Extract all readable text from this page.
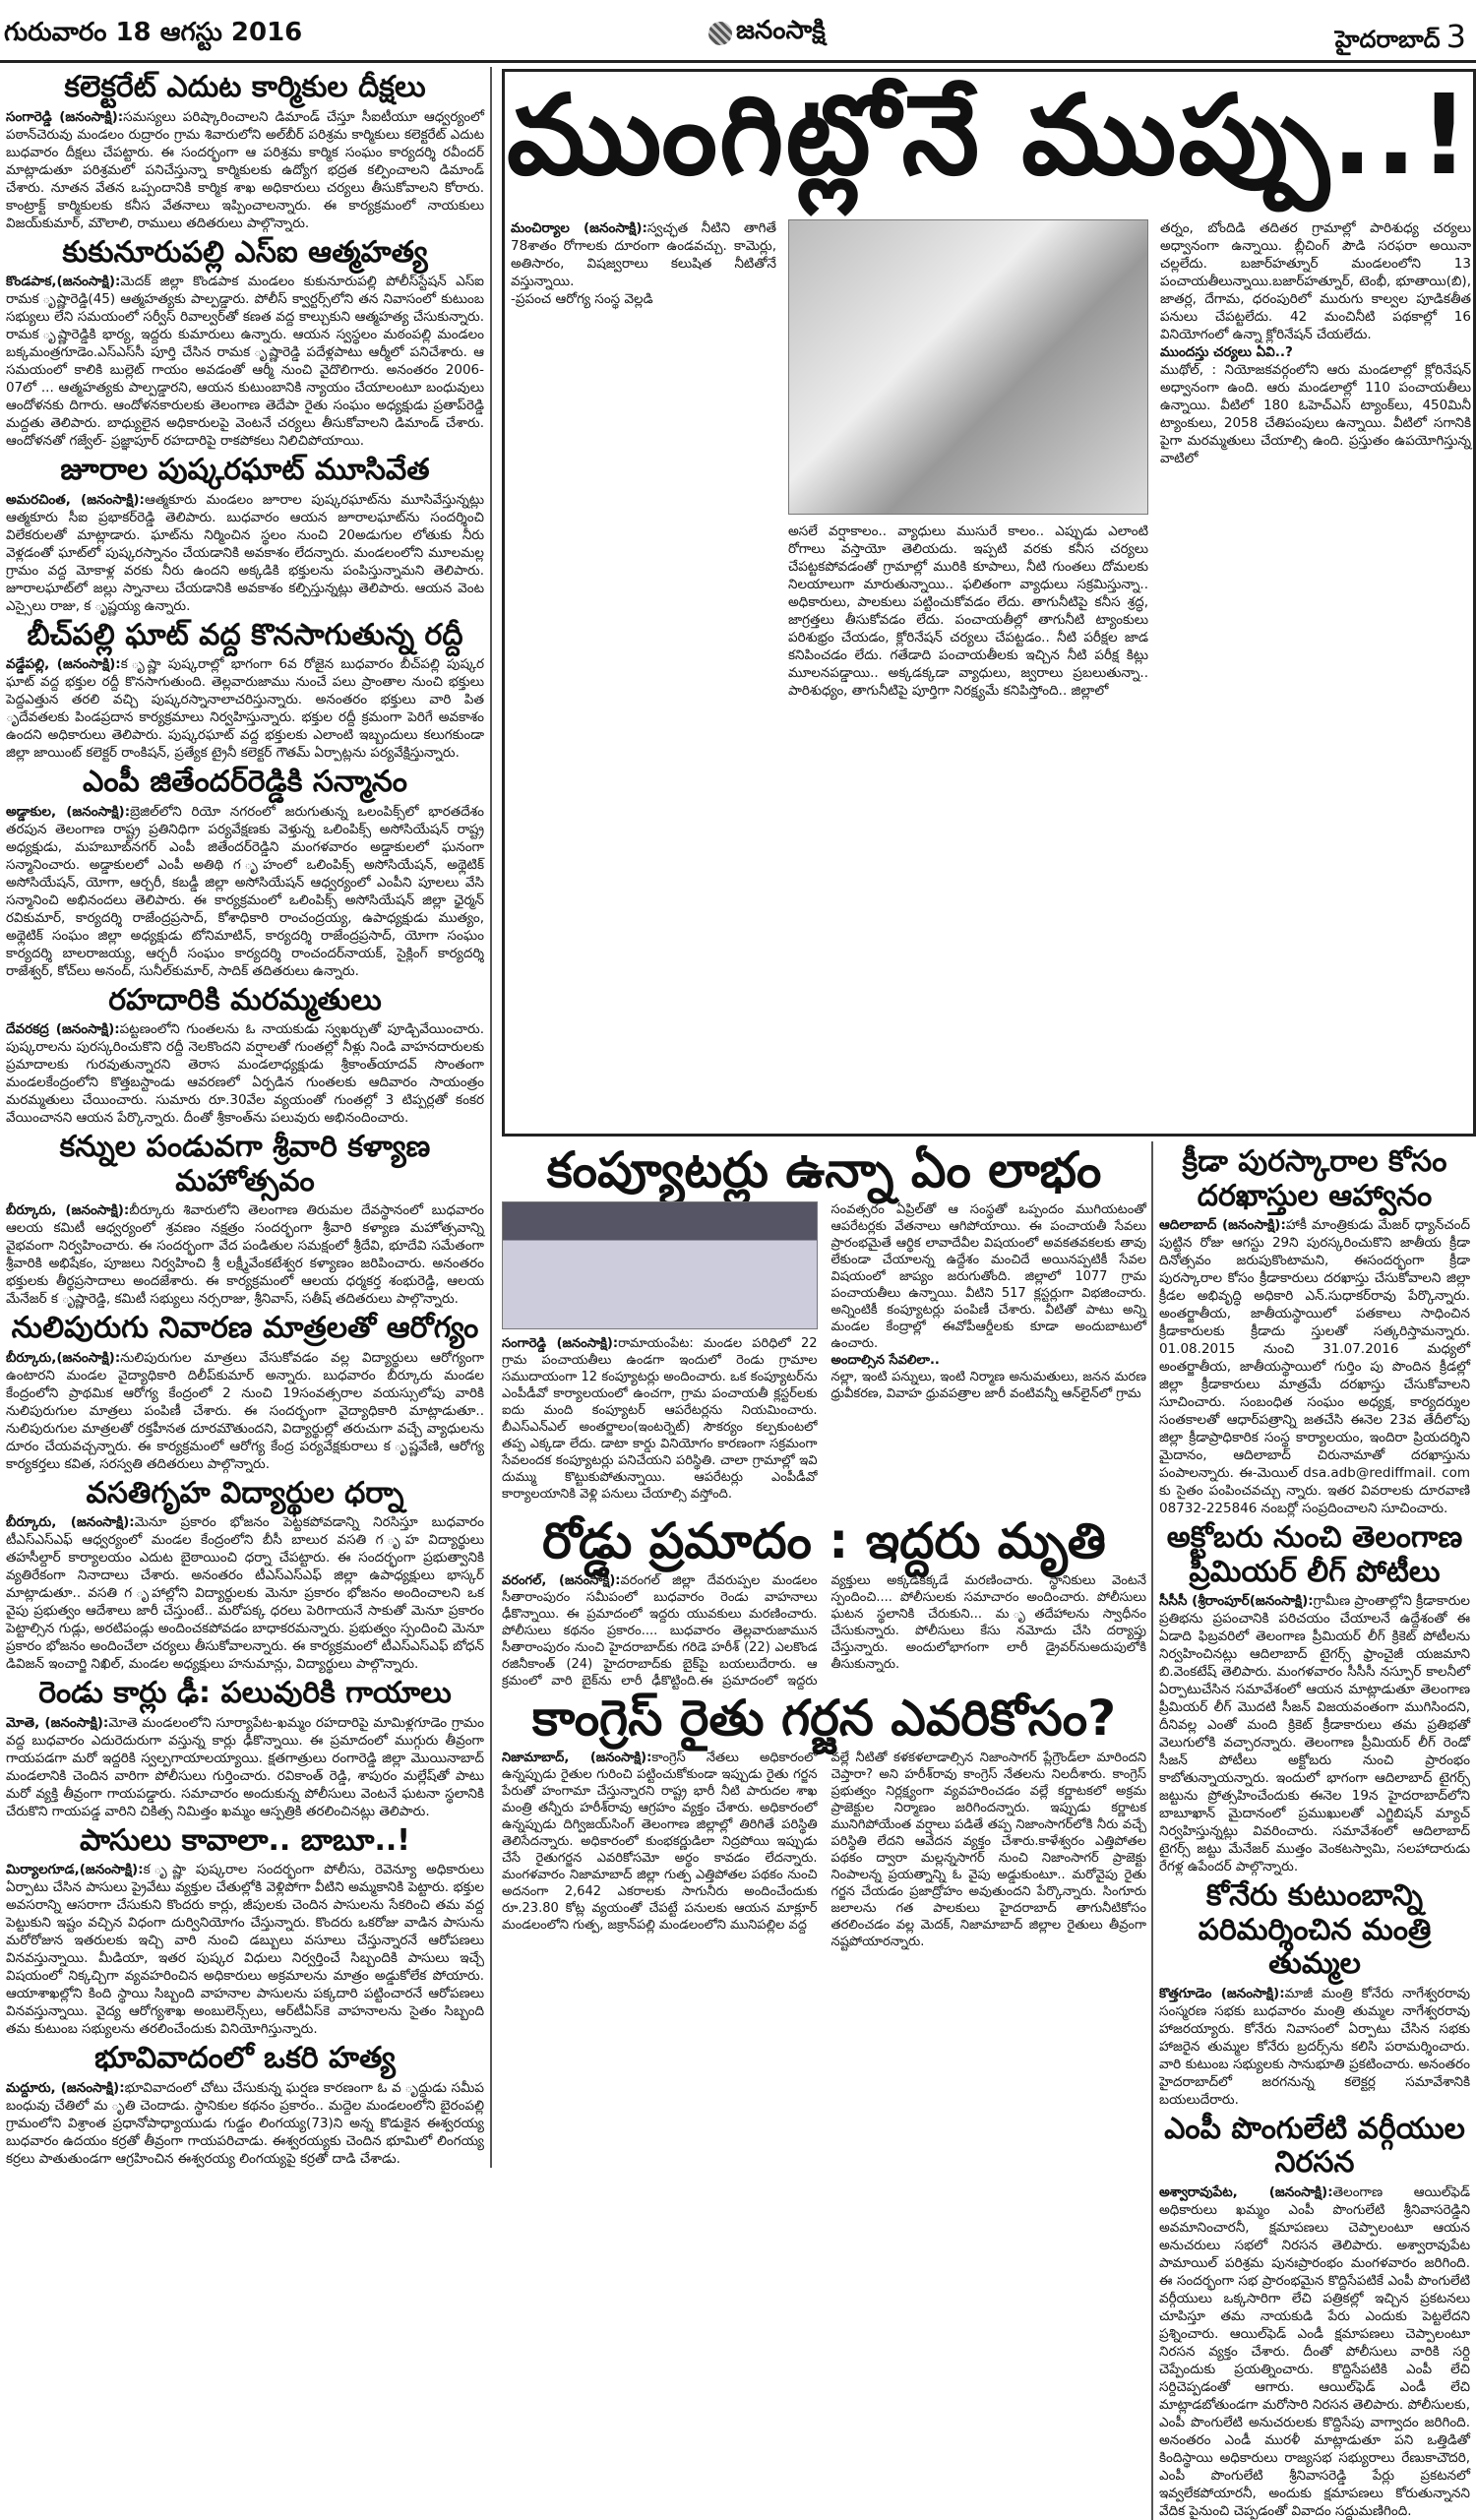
గురువారం 18 ఆగస్టు 2016	జనంసాక్షి	హైదరాబాద్ 3
కలెక్టరేట్ ఎదుట కార్మికుల దీక్షలు

సంగారెడ్డి (జనంసాక్షి):సమస్యలు పరిష్కారించాలని డిమాండ్ చేస్తూ సీఐటీయూ ఆధ్వర్యంలో పఠాన్‌చెరువు మండలం రుద్రారం గ్రామ శివారులోని అల్‌బీర్ పరిశ్రమ కార్మికులు కలెక్టరేట్ ఎదుట బుధవారం దీక్షలు చేపట్టారు. ఈ సందర్భంగా ఆ పరిశ్రమ కార్మిక సంఘం కార్యదర్శి రవీందర్ మాట్లాడుతూ పరిశ్రమలో పనిచేస్తున్నా కార్మికులకు ఉద్యోగ భద్రత కల్పించాలని డిమాండ్ చేశారు. నూతన వేతన ఒప్పందానికి కార్మిక శాఖ అధికారులు చర్యలు తీసుకోవాలని కోరారు. కాంట్రాక్ట్ కార్మికులకు కనీస వేతనాలు ఇప్పించాలన్నారు. ఈ కార్యక్రమంలో నాయకులు విజయ్‌కుమార్, మౌలాలి, రాములు తదితరులు పాల్గొన్నారు.

కుకునూరుపల్లి ఎస్ఐ ఆత్మహత్య

కొండపాక,(జనంసాక్షి):మెదక్ జిల్లా కొండపాక మండలం కుకునూరుపల్లి పోలీస్‌స్టేషన్ ఎస్ఐ రామక ృష్ణారెడ్డి(45) ఆత్మహత్యకు పాల్పడ్డారు. పోలీస్ క్వార్టర్స్‌లోని తన నివాసంలో కుటుంబ సభ్యులు లేని సమయంలో సర్వీస్ రివాల్వర్‌తో కణత వద్ద కాల్చుకుని ఆత్మహత్య చేసుకున్నారు. రామక ృష్ణారెడ్డికి భార్య, ఇద్దరు కుమారులు ఉన్నారు. ఆయన స్వస్థలం మఠంపల్లి మండలం బక్కమంత్రగూడెం.ఎస్ఎస్‌సీ పూర్తి చేసిన రామక ృష్ణారెడ్డి పదేళ్లపాటు ఆర్మీలో పనిచేశారు. ఆ సమయంలో కాలికి బుల్లెట్ గాయం అవడంతో ఆర్మీ నుంచి వైదొలిగారు. అనంతరం 2006-07లో ... ఆత్మహత్యకు పాల్పడ్డారని, ఆయన కుటుంబానికి న్యాయం చేయాలంటూ బంధువులు ఆందోళనకు దిగారు. ఆందోళనకారులకు తెలంగాణ తెదేపా రైతు సంఘం అధ్యక్షుడు ప్రతాప్‌రెడ్డి మద్దతు తెలిపారు. బాధ్యులైన అధికారులపై వెంటనే చర్యలు తీసుకోవాలని డిమాండ్ చేశారు. ఆందోళనతో గజ్వేల్- ప్రజ్ఞాపూర్ రహదారిపై రాకపోకలు నిలిచిపోయాయి.

జూరాల పుష్కరఘాట్ మూసివేత

అమరచింత, (జనంసాక్షి):ఆత్మకూరు మండలం జూరాల పుష్కరఘాట్‌ను మూసివేస్తున్నట్లు ఆత్మకూరు సీఐ ప్రభాకర్‌రెడ్డి తెలిపారు. బుధవారం ఆయన జూరాలఘాట్‌ను సందర్శించి విలేకరులతో మాట్లాడారు. ఘాట్‌ను నిర్మించిన స్థలం నుంచి 20అడుగుల లోతుకు నీరు వెళ్లడంతో ఘాట్‌లో పుష్కరస్నానం చేయడానికి అవకాశం లేదన్నారు. మండలంలోని మూలమల్ల గ్రామం వద్ద మోకాళ్ల వరకు నీరు ఉందని అక్కడికి భక్తులను పంపిస్తున్నామని తెలిపారు. జూరాలఘాట్‌లో జల్లు స్నానాలు చేయడానికి అవకాశం కల్పిస్తున్నట్లు తెలిపారు. ఆయన వెంట ఎస్సైలు రాజు, క ృష్ణయ్య ఉన్నారు.

బీచ్‌పల్లి ఘాట్ వద్ద కొనసాగుతున్న రద్దీ

వడ్డేపల్లి, (జనంసాక్షి):క ృష్ణా పుష్కరాల్లో భాగంగా 6వ రోజైన బుధవారం బీచ్‌పల్లి పుష్కర ఘాట్ వద్ద భక్తుల రద్దీ కొనసాగుతుంది. తెల్లవారుజాము నుంచే పలు ప్రాంతాల నుంచి భక్తులు పెద్దఎత్తున తరలి వచ్చి పుష్కరస్నానాలాచరిస్తున్నారు. అనంతరం భక్తులు వారి పిత ృదేవతలకు పిండప్రదాన కార్యక్రమాలు నిర్వహిస్తున్నారు. భక్తుల రద్దీ క్రమంగా పెరిగే అవకాశం ఉందని అధికారులు తెలిపారు. పుష్కరఘాట్ వద్ద భక్తులకు ఎలాంటి ఇబ్బందులు కలుగకుండా జిల్లా జాయింట్ కలెక్టర్ రాంకిషన్, ప్రత్యేక ట్రైనీ కలెక్టర్ గౌతమ్ ఏర్పాట్లను పర్యవేక్షిస్తున్నారు.

ఎంపీ జితేందర్‌రెడ్డికి సన్మానం

అడ్డాకుల, (జనంసాక్షి):బ్రెజిల్‌లోని రియో నగరంలో జరుగుతున్న ఒలంపిక్స్‌లో భారతదేశం తరపున తెలంగాణ రాష్ట్ర ప్రతినిధిగా పర్యవేక్షణకు వెళ్తున్న ఒలింపిక్స్ అసోసియేషన్ రాష్ట్ర అధ్యక్షుడు, మహబూబ్‌నగర్ ఎంపీ జితేందర్‌రెడ్డిని మంగళవారం అడ్డాకులలో ఘనంగా సన్మానించారు. అడ్డాకులలో ఎంపీ అతిథి గ ృహంలో ఒలింపిక్స్ అసోసియేషన్, అథ్లెటిక్ అసోసియేషన్, యోగా, ఆర్చరీ, కబడ్డీ జిల్లా అసోసియేషన్ ఆధ్వర్యంలో ఎంపీని పూలలు వేసి సన్మానించి అభినందలు తెలిపారు. ఈ కార్యక్రమంలో ఒలింపిక్స్ అసోసియేషన్ జిల్లా ఛైర్మన్ రవికుమార్, కార్యదర్శి రాజేంద్రప్రసాద్, కోశాధికారి రాంచంద్రయ్య, ఉపాధ్యక్షుడు ముత్యం, అథ్లెటిక్ సంఘం జిల్లా అధ్యక్షుడు టోనిమాటిన్, కార్యదర్శి రాజేంద్రప్రసాద్, యోగా సంఘం కార్యదర్శి బాలరాజయ్య, ఆర్చరీ సంఘం కార్యదర్శి రాంచందర్‌నాయక్, సైక్లింగ్ కార్యదర్శి రాజేశ్వర్, కోచ్‌లు అనంద్, సునీల్‌కుమార్, సాదిక్ తదితరులు ఉన్నారు.

రహదారికి మరమ్మతులు

దేవరకద్ర (జనంసాక్షి):పట్టణంలోని గుంతలను ఓ నాయకుడు స్వఖర్చుతో పూడ్చివేయించారు. పుష్కరాలను పురస్కరించుకొని రద్దీ నెలకొందని వర్షాలతో గుంతల్లో నీళ్లు నిండి వాహనదారులకు ప్రమాదాలకు గురవుతున్నారని తెరాస మండలాధ్యక్షుడు శ్రీకాంత్‌యాదవ్ సొంతంగా మండలకేంద్రంలోని కొత్తబస్టాండు ఆవరణలో ఏర్పడిన గుంతలకు ఆదివారం సాయంత్రం మరమ్మతులు చేయించారు. సుమారు రూ.30వేల వ్యయంతో గుంతల్లో 3 టిప్పర్లతో కంకర వేయించానని ఆయన పేర్కొన్నారు. దీంతో శ్రీకాంత్‌ను పలువురు అభినందించారు.

కన్నుల పండువగా శ్రీవారి కళ్యాణ మహోత్సవం

బీర్కూరు, (జనంసాక్షి):బీర్కూరు శివారులోని తెలంగాణ తిరుమల దేవస్థానంలో బుధవారం ఆలయ కమిటీ ఆధ్వర్యంలో శ్రవణం నక్షత్రం సందర్భంగా శ్రీవారి కళ్యాణ మహోత్సవాన్ని వైభవంగా నిర్వహించారు. ఈ సందర్భంగా వేద పండితుల సమక్షంలో శ్రీదేవి, భూదేవి సమేతంగా శ్రీవారికి అభిషేకం, పూజలు నిర్వహించి శ్రీ లక్ష్మీవేంకటేశ్వర కళ్యాణం జరిపించారు. అనంతరం భక్తులకు తీర్థప్రసాదాలు అందజేశారు. ఈ కార్యక్రమంలో ఆలయ ధర్మకర్త శంభురెడ్డి, ఆలయ మేనేజర్ క ృష్ణారెడ్డి, కమిటీ సభ్యులు నర్సరాజు, శ్రీనివాస్, సతీష్ తదితరులు పాల్గొన్నారు.

నులిపురుగు నివారణ మాత్రలతో ఆరోగ్యం

బీర్కూరు,(జనంసాక్షి):నులిపురుగుల మాత్రలు వేసుకోవడం వల్ల విద్యార్థులు ఆరోగ్యంగా ఉంటారని మండల వైద్యాధికారి దిలీప్‌కుమార్ అన్నారు. బుధవారం బీర్కూరు మండల కేంద్రంలోని ప్రాథమిక ఆరోగ్య కేంద్రంలో 2 నుంచి 19సంవత్సరాల వయస్సులోపు వారికి నులిపురుగుల మాత్రలు పంపిణీ చేశారు. ఈ సందర్భంగా వైద్యాధికారి మాట్లాడుతూ.. నులిపురుగుల మాత్రలతో రక్తహీనత దూరమౌతుందని, విద్యార్థుల్లో తరుచుగా వచ్చే వ్యాధులను దూరం చేయవచ్చన్నారు. ఈ కార్యక్రమంలో ఆరోగ్య కేంద్ర పర్యవేక్షకురాలు క ృష్ణవేణి, ఆరోగ్య కార్యకర్తలు కవిత, సరస్వతి తదితరులు పాల్గొన్నారు.

వసతిగృహ విద్యార్థుల ధర్నా

బీర్కూరు, (జనంసాక్షి):మెనూ ప్రకారం భోజనం పెట్టకపోవడాన్ని నిరసిస్తూ బుధవారం టీఎస్ఎస్ఎఫ్ ఆధ్వర్యంలో మండల కేంద్రంలోని బీసీ బాలుర వసతి గ ృహ విద్యార్థులు తహసీల్దార్ కార్యాలయం ఎదుట బైఠాయించి ధర్నా చేపట్టారు. ఈ సందర్భంగా ప్రభుత్వానికి వ్యతిరేకంగా నినాదాలు చేశారు. అనంతరం టీఎస్ఎస్ఎఫ్ జిల్లా ఉపాధ్యక్షులు భాస్కర్ మాట్లాడుతూ.. వసతి గ ృహాల్లోని విద్యార్థులకు మెనూ ప్రకారం భోజనం అందించాలని ఒక వైపు ప్రభుత్వం ఆదేశాలు జారీ చేస్తుంటే.. మరోపక్క ధరలు పెరిగాయనే సాకుతో మెనూ ప్రకారం పెట్టాల్సిన గుడ్లు, అరటిపండ్లు అందించకపోవడం బాధాకరమన్నారు. ప్రభుత్వం స్పందించి మెనూ ప్రకారం భోజనం అందించేలా చర్యలు తీసుకోవాలన్నారు. ఈ కార్యక్రమంలో టీఎస్ఎస్ఎఫ్ బోధన్ డివిజన్ ఇంచార్జి నిఖిల్, మండల అధ్యక్షులు హనుమాన్లు, విద్యార్థులు పాల్గొన్నారు.

రెండు కార్లు ఢీ: పలువురికి గాయాలు

మోతె, (జనంసాక్షి):మోతె మండలంలోని సూర్యాపేట-ఖమ్మం రహదారిపై మామిళ్లగూడెం గ్రామం వద్ద బుధవారం ఎదురెదురుగా వస్తున్న కార్లు ఢీకొన్నాయి. ఈ ప్రమాదంలో ముగ్గురు తీవ్రంగా గాయపడగా మరో ఇద్దరికి స్వల్పగాయాలయ్యాయి. క్షతగాత్రులు రంగారెడ్డి జిల్లా మొయినాబాద్ మండలానికి చెందిన వారిగా పోలీసులు గుర్తించారు. రవికాంత్ రెడ్డి, శాపురం మల్లేష్‌తో పాటు మరో వ్యక్తి తీవ్రంగా గాయపడ్డారు. సమాచారం అందుకున్న పోలీసులు వెంటనే ఘటనా స్థలానికి చేరుకొని గాయపడ్డ వారిని చికిత్స నిమిత్తం ఖమ్మం ఆస్పత్రికి తరలించినట్లు తెలిపారు.

పాసులు కావాలా.. బాబూ..!

మిర్యాలగూడ,(జనంసాక్షి):క ృష్ణా పుష్కరాల సందర్భంగా పోలీసు, రెవెన్యూ అధికారులు ఏర్పాటు చేసిన పాసులు ప్రైవేటు వ్యక్తుల చేతుల్లోకి వెళ్లిపోగా వీటిని అమ్మకానికి పెట్టారు. భక్తుల అవసరాన్ని ఆసరాగా చేసుకుని కొందరు కార్లు, జీపులకు చెందిన పాసులను సేకరించి తమ వద్ద పెట్టుకుని ఇష్టం వచ్చిన విధంగా దుర్వినియోగం చేస్తున్నారు. కొందరు ఒకరోజు వాడిన పాసును మరోరోజున ఇతరులకు ఇచ్చి వారి నుంచి డబ్బులు వసూలు చేస్తున్నారనే ఆరోపణలు వినవస్తున్నాయి. మీడియా, ఇతర పుష్కర విధులు నిర్వర్తించే సిబ్బందికి పాసులు ఇచ్చే విషయంలో నిక్కచ్చిగా వ్యవహరించిన అధికారులు అక్రమాలను మాత్రం అడ్డుకోలేక పోయారు. ఆయాశాఖల్లోని కింది స్థాయి సిబ్బంది వాహనాల పాసులను పక్కదారి పట్టించారనే ఆరోపణలు వినవస్తున్నాయి. వైద్య ఆరోగ్యశాఖ అంబులెన్స్‌లు, ఆర్‌టీఏస్‌కె వాహనాలను సైతం సిబ్బంది తమ కుటుంబ సభ్యులను తరలించేందుకు వినియోగిస్తున్నారు.

భూవివాదంలో ఒకరి హత్య

మద్దూరు, (జనంసాక్షి):భూవివాదంలో చోటు చేసుకున్న ఘర్షణ కారణంగా ఓ వ ృద్ధుడు సమీప బంధువు చేతిలో మ ృతి చెందాడు. స్థానికుల కథనం ప్రకారం.. మద్దెల మండలంలోని బైరంపల్లి గ్రామంలోని విశ్రాంత ప్రధానోపాధ్యాయుడు గుడ్డం లింగయ్య(73)ని అన్న కొడుకైన ఈశ్వరయ్య బుధవారం ఉదయం కర్రతో తీవ్రంగా గాయపరిచాడు. ఈశ్వరయ్యకు చెందిన భూమిలో లింగయ్య కర్రలు పాతుతుండగా ఆగ్రహించిన ఈశ్వరయ్య లింగయ్యపై కర్రతో దాడి చేశాడు.

ముంగిట్లోనే ముప్పు..!

మంచిర్యాల (జనంసాక్షి):స్వచ్ఛత నీటిని తాగితే 78శాతం రోగాలకు దూరంగా ఉండవచ్చు. కామెర్లు, అతిసారం, విషజ్వరాలు కలుషిత నీటితోనే వస్తున్నాయి.

-ప్రపంచ ఆరోగ్య సంస్థ వెల్లడి

అసలే వర్షాకాలం.. వ్యాధులు ముసురే కాలం.. ఎప్పుడు ఎలాంటి రోగాలు వస్తాయో తెలియదు. ఇప్పటి వరకు కనీస చర్యలు చేపట్టకపోవడంతో గ్రామాల్లో మురికి కూపాలు, నీటి గుంతలు దోమలకు నిలయాలుగా మారుతున్నాయి.. ఫలితంగా వ్యాధులు సక్రమిస్తున్నా.. అధికారులు, పాలకులు పట్టించుకోవడం లేదు. తాగునీటిపై కనీస శ్రద్ధ, జాగ్రత్తలు తీసుకోవడం లేదు. పంచాయతీల్లో తాగునీటి ట్యాంకులు పరిశుభ్రం చేయడం, క్లోరినేషన్ చర్యలు చేపట్టడం.. నీటి పరీక్షల జాడ కనిపించడం లేదు. గతేడాది పంచాయతీలకు ఇచ్చిన నీటి పరీక్ష కిట్లు మూలనపడ్డాయి.. అక్కడక్కడా వ్యాధులు, జ్వరాలు ప్రబలుతున్నా.. పారిశుధ్యం, తాగునీటిపై పూర్తిగా నిరక్ష్యమే కనిపిస్తోంది.. జిల్లాలో

తర్నం, బోందిడి తదితర గ్రామాల్లో పారిశుధ్య చర్యలు అధ్వానంగా ఉన్నాయి. బ్లీచింగ్ పౌడి సరఫరా అయినా చల్లలేదు. బజార్‌హత్నూర్ మండలంలోని 13 పంచాయతీలున్నాయి.బజార్‌హత్నూర్, టెంభీ, భూతాయి(బి), జాతర్ల, దేగామ, ధరంపురిలో మురుగు కాల్వల పూడికతీత పనులు చేపట్టలేదు. 42 మంచినీటి పథకాల్లో 16 వినియోగంలో ఉన్నా క్లోరినేషన్ చేయలేదు.

ముందస్తు చర్యలు ఏవి..?

ముథోల్, : నియోజకవర్గంలోని ఆరు మండలాల్లో క్లోరినేషన్ అధ్వానంగా ఉంది. ఆరు మండలాల్లో 110 పంచాయతీలు ఉన్నాయి. వీటిలో 180 ఓహెచ్ఎస్ ట్యాంక్‌లు, 450మినీ ట్యాంకులు, 2058 చేతిపంపులు ఉన్నాయి. వీటిలో సగానికి పైగా మరమ్మతులు చేయాల్సి ఉంది. ప్రస్తుతం ఉపయోగిస్తున్న వాటిలో

కంప్యూటర్లు ఉన్నా ఏం లాభం

సంగారెడ్డి (జనంసాక్షి):రామాయంపేట: మండల పరిధిలో 22 గ్రామ పంచాయతీలు ఉండగా ఇందులో రెండు గ్రామాల సముదాయంగా 12 కంప్యూటర్లు అందించారు. ఒక కంప్యూటర్‌ను ఎంపీడీవో కార్యాలయంలో ఉంచగా, గ్రామ పంచాయతీ క్లస్టర్‌లకు ఐదు మంది కంప్యూటర్ ఆపరేటర్లను నియమించారు. బీఎస్ఎన్ఎల్ అంతర్జాలం(ఇంటర్నెట్) సౌకర్యం కల్పకుంటలో తప్ప ఎక్కడా లేదు. డాటా కార్డు వినియోగం కారణంగా సక్రమంగా సేవలందక కంప్యూటర్లు పనిచేయని పరిస్థితి. చాలా గ్రామాల్లో ఇవి దుమ్ము కొట్టుకుపోతున్నాయి. ఆపరేటర్లు ఎంపీడీవో కార్యాలయానికి వెళ్లి పనులు చేయాల్సి వస్తోంది.

సంవత్సరం ఏప్రిల్‌తో ఆ సంస్థతో ఒప్పందం ముగియటంతో ఆపరేటర్లకు వేతనాలు ఆగిపోయాయి. ఈ పంచాయతీ సేవలు ప్రారంభమైతే ఆర్థిక లావాదేవీల విషయంలో అవకతవకలకు తావు లేకుండా చేయాలన్న ఉద్దేశం మంచిదే అయినప్పటికీ సేవల విషయంలో జాప్యం జరుగుతోంది. జిల్లాలో 1077 గ్రామ పంచాయతీలు ఉన్నాయి. వీటిని 517 క్లస్టర్లుగా విభజించారు. అన్నింటికీ కంప్యూటర్లు పంపిణీ చేశారు. వీటితో పాటు అన్ని మండల కేంద్రాల్లో ఈవోపీఆర్డీలకు కూడా అందుబాటులో ఉంచారు.

అందాల్సిన సేవలిలా..

నల్లా, ఇంటి పన్నులు, ఇంటి నిర్మాణ అనుమతులు, జనన మరణ ధ్రువీకరణ, వివాహ ధ్రువపత్రాల జారీ వంటివన్నీ ఆన్‌లైన్‌లో గ్రామ

రోడ్డు ప్రమాదం : ఇద్దరు మృతి

వరంగల్, (జనంసాక్షి):వరంగల్ జిల్లా దేవరుప్పల మండలం సీతారాంపురం సమీపంలో బుధవారం రెండు వాహనాలు ఢీకొన్నాయి. ఈ ప్రమాదంలో ఇద్దరు యువకులు మరణించారు. పోలీసులు కథనం ప్రకారం.... బుధవారం తెల్లవారుజామున సీతారాంపురం నుంచి హైదరాబాద్‌కు గరిడె హరీశ్ (22) ఎలకొండ రజినీకాంత్ (24) హైదరాబాద్‌కు బైక్‌పై బయలుదేరారు. ఆ క్రమంలో వారి బైక్‌ను లారీ ఢీకొట్టింది.ఈ ప్రమాదంలో ఇద్దరు వ్యక్తులు అక్కడికక్కడే మరణించారు. స్థానికులు వెంటనే స్పందించి.... పోలీసులకు సమాచారం అందించారు. పోలీసులు ఘటన స్థలానికి చేరుకుని... మ ృతదేహాలను స్వాధీనం చేసుకున్నారు. పోలీసులు కేసు నమోదు చేసి దర్యాప్తు చేస్తున్నారు. అందులోభాగంగా లారీ డ్రైవర్‌నుఅదుపులోకి తీసుకున్నారు.

కాంగ్రెస్ రైతు గర్జన ఎవరికోసం?

నిజామాబాద్, (జనంసాక్షి):కాంగ్రెస్ నేతలు అధికారంలో ఉన్నప్పుడు రైతుల గురించి పట్టించుకోకుండా ఇప్పుడు రైతు గర్జన పేరుతో హంగామా చేస్తున్నారని రాష్ట్ర భారీ నీటి పారుదల శాఖ మంత్రి తన్నీరు హరీశ్‌రావు ఆగ్రహం వ్యక్తం చేశారు. అధికారంలో ఉన్నప్పుడు దిగ్విజయ్‌సింగ్ తెలంగాణ జిల్లాల్లో తిరిగితే పరిస్థితి తెలిసేదన్నారు. అధికారంలో కుంభకర్ణుడిలా నిద్రపోయి ఇప్పుడు చేసే రైతుగర్జన ఎవరికోసమో అర్థం కావడం లేదన్నారు. మంగళవారం నిజామాబాద్ జిల్లా గుత్ప ఎత్తిపోతల పథకం నుంచి అదనంగా 2,642 ఎకరాలకు సాగునీరు అందించేందుకు రూ.23.80 కోట్ల వ్యయంతో చేపట్టే పనులకు ఆయన మాక్లూర్ మండలంలోని గుత్ప, జక్రాన్‌పల్లి మండలంలోని మునిపల్లిల వద్ద

వల్లే నీటితో కళకళలాడాల్సిన నిజాంసాగర్ ప్లేగ్రౌండ్‌లా మారిందని చెప్తారా? అని హరీశ్‌రావు కాంగ్రెస్ నేతలను నిలదీశారు. కాంగ్రెస్ ప్రభుత్వం నిర్లక్ష్యంగా వ్యవహరించడం వల్లే కర్ణాటకలో అక్రమ ప్రాజెక్టుల నిర్మాణం జరిగిందన్నారు. ఇప్పుడు కర్ణాటక మునిగిపోయేంత వర్షాలు పడితే తప్ప నిజాంసాగర్‌లోకి నీరు వచ్చే పరిస్థితి లేదని ఆవేదన వ్యక్తం చేశారు.కాళేశ్వరం ఎత్తిపోతల పథకం ద్వారా మల్లన్నసాగర్ నుంచి నిజాంసాగర్ ప్రాజెక్టు నింపాలన్న ప్రయత్నాన్ని ఓ వైపు అడ్డుకుంటూ.. మరోవైపు రైతు గర్జన చేయడం ప్రజాద్రోహం అవుతుందని పేర్కొన్నారు. సింగూరు జలాలను గత పాలకులు హైదరాబాద్ తాగునీటికోసం తరలించడం వల్ల మెదక్, నిజామాబాద్ జిల్లాల రైతులు తీవ్రంగా నష్టపోయారన్నారు.

క్రీడా పురస్కారాల కోసం దరఖాస్తుల ఆహ్వానం

ఆదిలాబాద్ (జనంసాక్షి):హాకీ మాంత్రికుడు మేజర్ ధ్యాన్‌చంద్ పుట్టిన రోజు ఆగస్టు 29ని పురస్కరించుకొని జాతీయ క్రీడా దినోత్సవం జరుపుకొంటామని, ఈసందర్భంగా క్రీడా పురస్కారాల కోసం క్రీడాకారులు దరఖాస్తు చేసుకోవాలని జిల్లా క్రీడల అభివృద్ధి అధికారి ఎన్.సుధాకర్‌రావు పేర్కొన్నారు. అంతర్జాతీయ, జాతీయస్థాయిలో పతకాలు సాధించిన క్రీడాకారులకు క్రీడాదు స్తులతో సత్కరిస్తామన్నారు. 01.08.2015 నుంచి 31.07.2016 మధ్యలో అంతర్జాతీయ, జాతీయస్థాయిలో గుర్తిం పు పొందిన క్రీడల్లో జిల్లా క్రీడాకారులు మాత్రమే దరఖాస్తు చేసుకోవాలని సూచించారు. సంబంధిత సంఘం అధ్యక్ష, కార్యదర్శుల సంతకాలతో ఆధార్‌పత్రాన్ని జతచేసి ఈనెల 23వ తేదీలోపు జిల్లా క్రీడాప్రాధికారిక సంస్థ కార్యాలయం, ఇందిరా ప్రియదర్శిని మైదానం, ఆదిలాబాద్ చిరునామాతో దరఖాస్తును పంపాలన్నారు. ఈ-మెయిల్ dsa.adb@rediffmail. com కు సైతం పంపించవచ్చు న్నారు. ఇతర వివరాలకు దూరవాణి 08732-225846 నంబర్లో సంప్రదించాలని సూచించారు.

అక్టోబరు నుంచి తెలంగాణ ప్రీమియర్ లీగ్ పోటీలు

సీసీసీ (శ్రీరాంపూర్(జనంసాక్షి):గ్రామీణ ప్రాంతాల్లోని క్రీడాకారుల ప్రతిభను ప్రపంచానికి పరిచయం చేయాలనే ఉద్దేశంతో ఈ ఏడాది ఫిబ్రవరిలో తెలంగాణ ప్రీమియర్ లీగ్ క్రికెట్ పోటీలను నిర్వహించినట్లు ఆదిలాబాద్ టైగర్స్ ఫ్రాంచైజీ యజమాని బి.వెంకటేష్ తెలిపారు. మంగళవారం సీసీసీ నస్పూర్ కాలనీలో ఏర్పాటుచేసిన సమావేశంలో ఆయన మాట్లాడుతూ తెలంగాణ ప్రీమియర్ లీగ్ మొదటి సీజన్ విజయవంతంగా ముగిసిందని, దీనివల్ల ఎంతో మంది క్రికెట్ క్రీడాకారులు తమ ప్రతిభతో వెలుగులోకి వచ్చారన్నారు. తెలంగాణ ప్రీమియర్ లీగ్ రెండో సీజన్ పోటీలు అక్టోబరు నుంచి ప్రారంభం కాబోతున్నాయన్నారు. ఇందులో భాగంగా ఆదిలాబాద్ టైగర్స్ జట్టును ప్రోత్సహించేందుకు ఈనెల 19న హైదరాబాద్‌లోని బాబూఖాన్ మైదానంలో ప్రముఖులతో ఎగ్జిబిషన్ మ్యాచ్ నిర్వహిస్తున్నట్లు వివరించారు. సమావేశంలో ఆదిలాబాద్ టైగర్స్ జట్టు మేనేజర్ ముత్తం వెంకటస్వామి, సలహాదారుడు రేగళ్ల ఉపేందర్ పాల్గొన్నారు.

కోనేరు కుటుంబాన్ని పరిమర్శించిన మంత్రి తుమ్మల

కొత్తగూడెం (జనంసాక్షి):మాజీ మంత్రి కోనేరు నాగేశ్వరరావు సంస్మరణ సభకు బుధవారం మంత్రి తుమ్మల నాగేశ్వరరావు హాజరయ్యారు. కోనేరు నివాసంలో ఏర్పాటు చేసిన సభకు హాజరైన తుమ్మల కోనేరు బ్రదర్స్‌ను కలిసి పరామర్శించారు. వారి కుటుంబ సభ్యులకు సానుభూతి ప్రకటించారు. అనంతరం హైదరాబాద్‌లో జరగనున్న కలెక్టర్ల సమావేశానికి బయలుదేరారు.

ఎంపీ పొంగులేటి వర్గీయుల నిరసన

అశ్వారావుపేట, (జనంసాక్షి):తెలంగాణ ఆయిల్‌ఫెడ్ అధికారులు ఖమ్మం ఎంపీ పొంగులేటి శ్రీనివాసరెడ్డిని అవమానించారనీ, క్షమాపణలు చెప్పాలంటూ ఆయన అనుచరులు సభలో నిరసన తెలిపారు. అశ్వారావుపేట పామాయిల్ పరిశ్రమ పునఃప్రారంభం మంగళవారం జరిగింది. ఈ సందర్భంగా సభ ప్రారంభమైన కొద్దిసేపటికే ఎంపీ పొంగులేటి వర్గీయులు ఒక్కసారిగా లేచి పత్రికల్లో ఇచ్చిన ప్రకటనలు చూపిస్తూ తమ నాయకుడి పేరు ఎందుకు పెట్టలేదని ప్రశ్నించారు. ఆయిల్‌ఫెడ్ ఎండీ క్షమాపణలు చెప్పాలంటూ నిరసన వ్యక్తం చేశారు. దీంతో పోలీసులు వారికి సర్ది చెప్పేందుకు ప్రయత్నించారు. కొద్దిసేపటికి ఎంపీ లేచి సర్దిచెప్పడంతో ఆగారు. ఆయిల్‌ఫెడ్ ఎండీ లేచి మాట్లాడబోతుండగా మరోసారి నిరసన తెలిపారు. పోలీసులకు, ఎంపీ పొంగులేటి అనుచరులకు కొద్దిసేపు వాగ్వాదం జరిగింది. అనంతరం ఎండీ మురళీ మాట్లాడుతూ పని ఒత్తిడితో కిందిస్థాయి అధికారులు రాజ్యసభ సభ్యురాలు రేణుకాచౌదరి, ఎంపీ పొంగులేటి శ్రీనివాసరెడ్డి పేర్లు ప్రకటనలో ఇవ్వలేకపోయారనీ, అందుకు క్షమాపణలు కోరుతున్నానని వేదిక పైనుంచి చెప్పడంతో వివాదం సద్దుమణిగింది.
